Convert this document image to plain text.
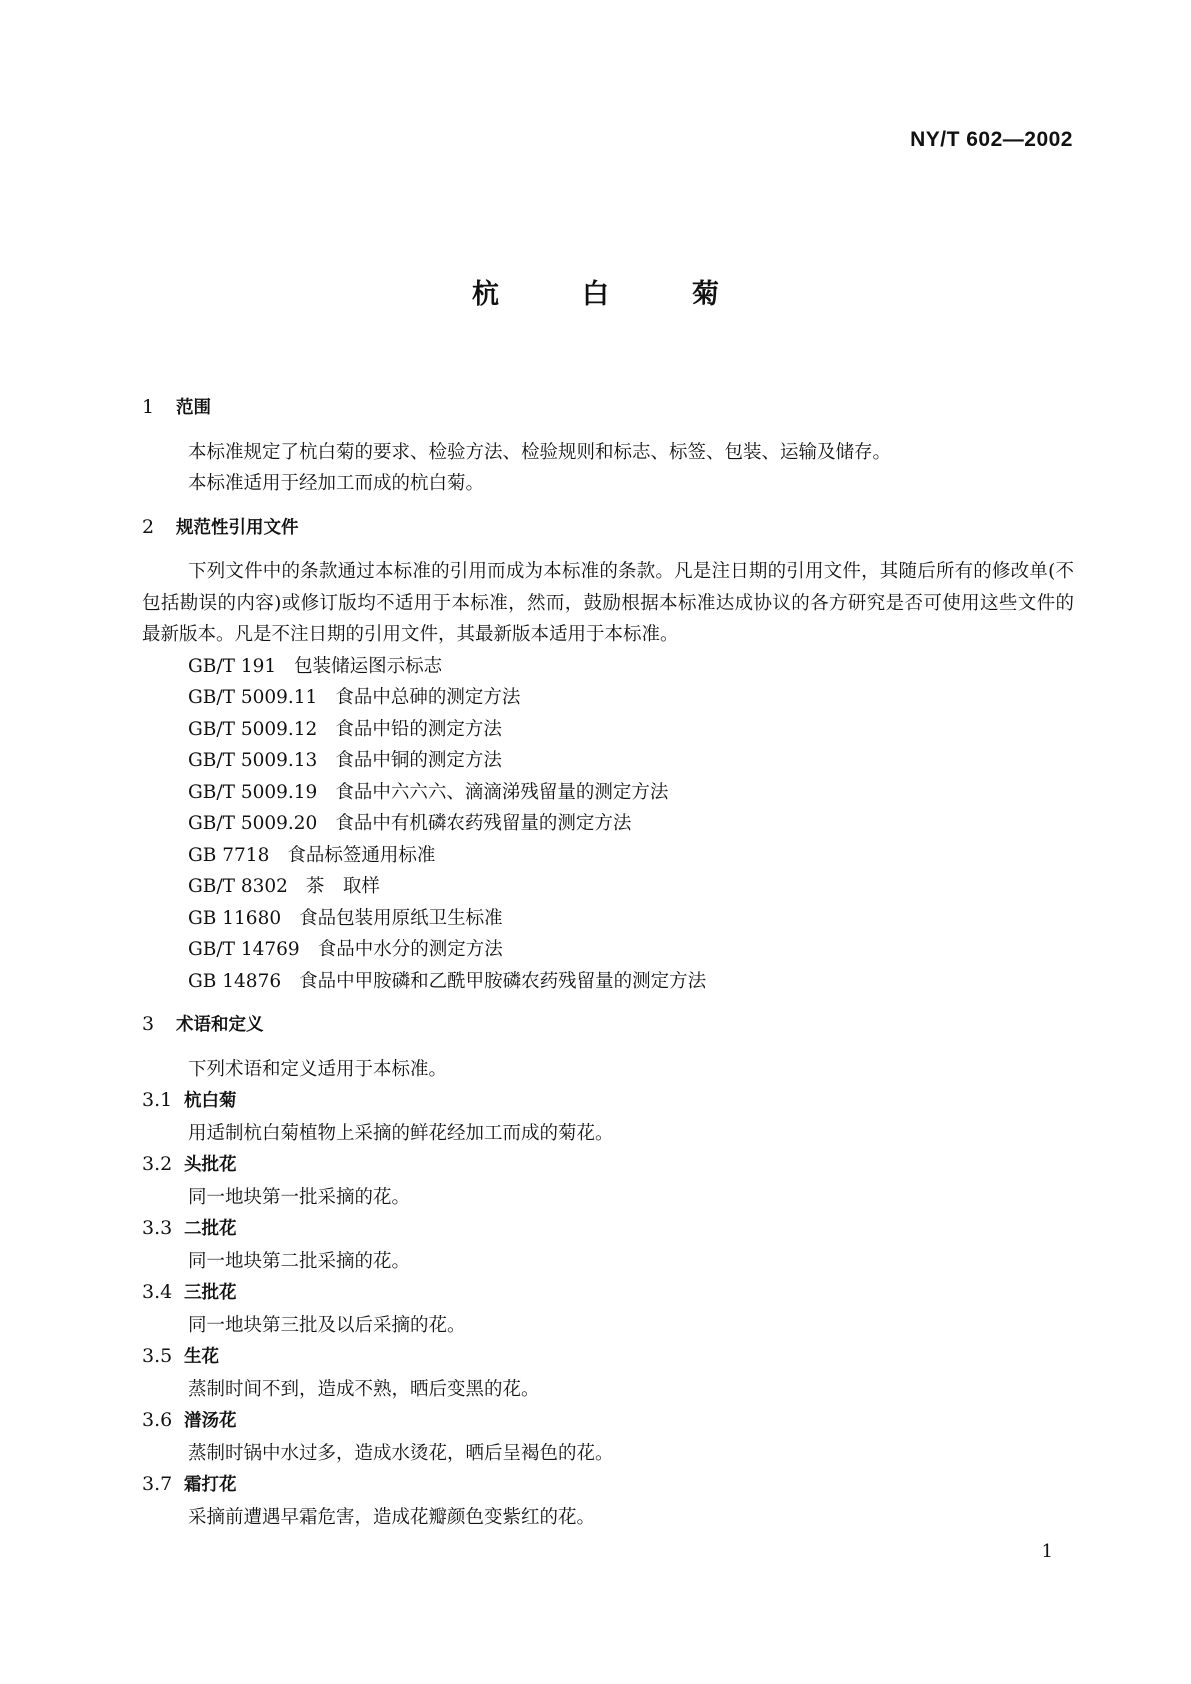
NY/T 602—2002
杭　白　菊

1 范围

本标准规定了杭白菊的要求、检验方法、检验规则和标志、标签、包装、运输及储存。

本标准适用于经加工而成的杭白菊。

2 规范性引用文件

下列文件中的条款通过本标准的引用而成为本标准的条款。凡是注日期的引用文件，其随后所有的修改单(不包括勘误的内容)或修订版均不适用于本标准，然而，鼓励根据本标准达成协议的各方研究是否可使用这些文件的最新版本。凡是不注日期的引用文件，其最新版本适用于本标准。

GB/T 191 包装储运图示标志
GB/T 5009.11 食品中总砷的测定方法
GB/T 5009.12 食品中铅的测定方法
GB/T 5009.13 食品中铜的测定方法
GB/T 5009.19 食品中六六六、滴滴涕残留量的测定方法
GB/T 5009.20 食品中有机磷农药残留量的测定方法
GB 7718 食品标签通用标准
GB/T 8302 茶　取样
GB 11680 食品包装用原纸卫生标准
GB/T 14769 食品中水分的测定方法
GB 14876 食品中甲胺磷和乙酰甲胺磷农药残留量的测定方法

3 术语和定义

下列术语和定义适用于本标准。

3.1 杭白菊

用适制杭白菊植物上采摘的鲜花经加工而成的菊花。

3.2 头批花

同一地块第一批采摘的花。

3.3 二批花

同一地块第二批采摘的花。

3.4 三批花

同一地块第三批及以后采摘的花。

3.5 生花

蒸制时间不到，造成不熟，晒后变黑的花。

3.6 潽汤花

蒸制时锅中水过多，造成水烫花，晒后呈褐色的花。

3.7 霜打花

采摘前遭遇早霜危害，造成花瓣颜色变紫红的花。

1
